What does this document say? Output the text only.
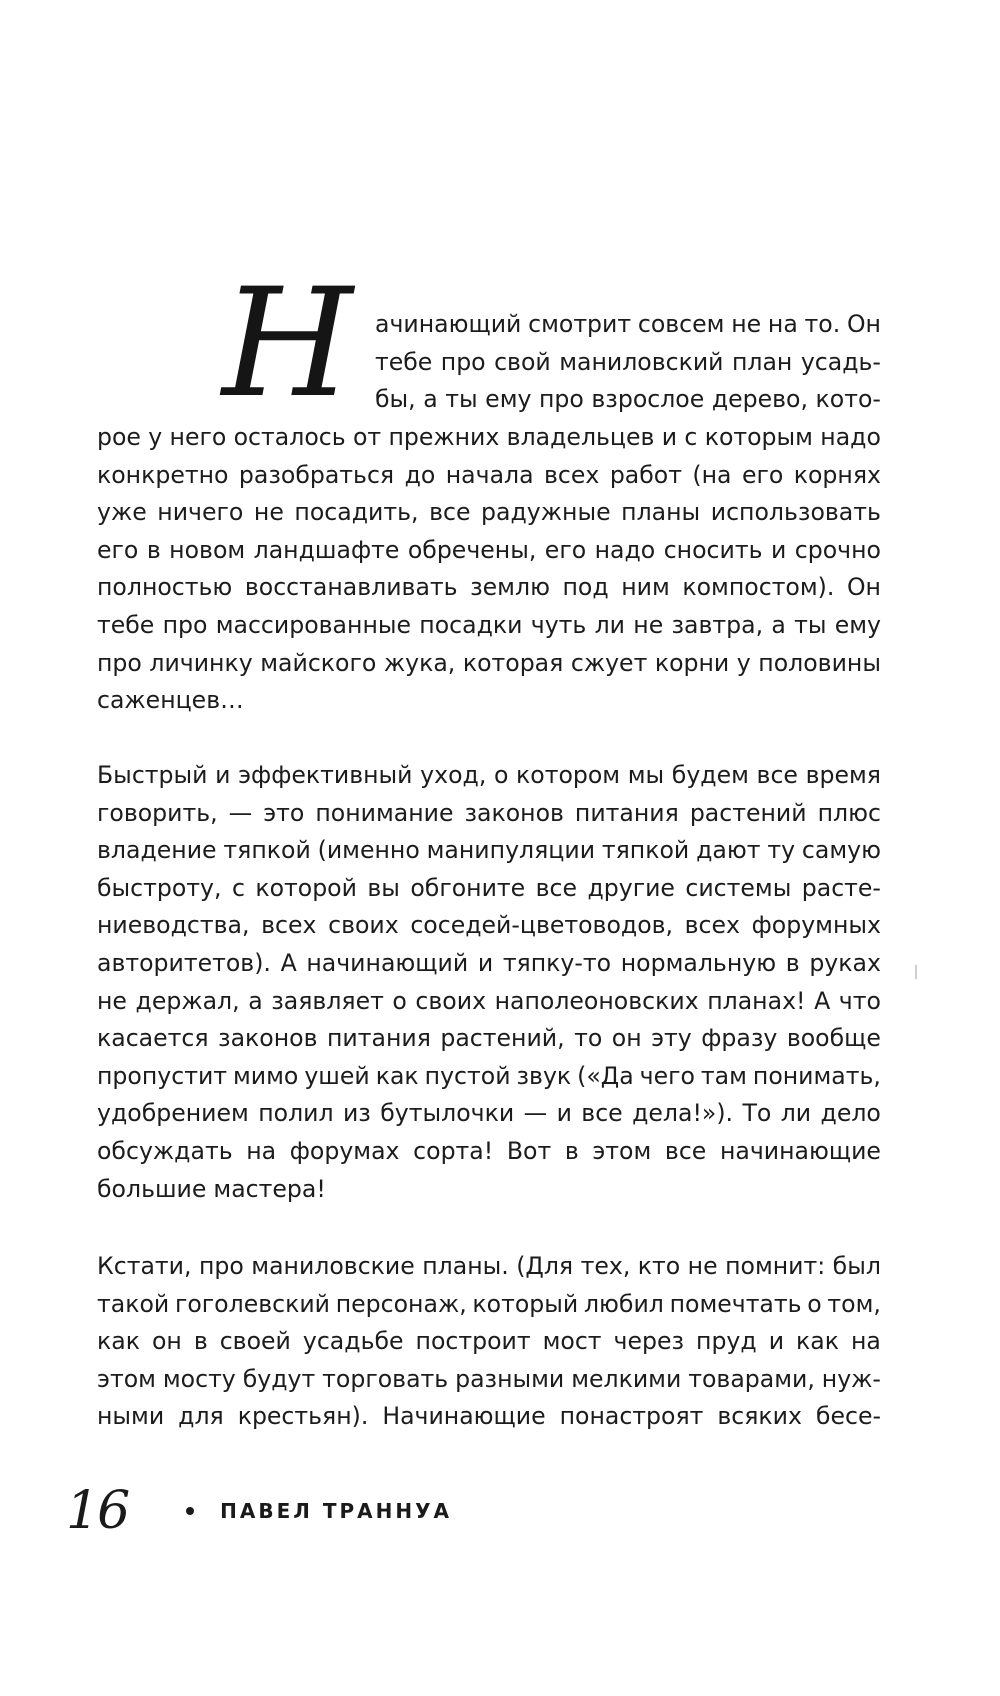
Н ачинающий смотрит совсем не на то. Он
тебе про свой маниловский план усадь-
бы, а ты ему про взрослое дерево, кото-
рое у него осталось от прежних владельцев и с которым надо
конкретно разобраться до начала всех работ (на его корнях
уже ничего не посадить, все радужные планы использовать
его в новом ландшафте обречены, его надо сносить и срочно
полностью восстанавливать землю под ним компостом). Он
тебе про массированные посадки чуть ли не завтра, а ты ему
про личинку майского жука, которая сжует корни у половины
саженцев…
Быстрый и эффективный уход, о котором мы будем все время
говорить, — это понимание законов питания растений плюс
владение тяпкой (именно манипуляции тяпкой дают ту самую
быстроту, с которой вы обгоните все другие системы расте-
ниеводства, всех своих соседей-цветоводов, всех форумных
авторитетов). А начинающий и тяпку-то нормальную в руках
не держал, а заявляет о своих наполеоновских планах! А что
касается законов питания растений, то он эту фразу вообще
пропустит мимо ушей как пустой звук («Да чего там понимать,
удобрением полил из бутылочки — и все дела!»). То ли дело
обсуждать на форумах сорта! Вот в этом все начинающие
большие мастера!
Кстати, про маниловские планы. (Для тех, кто не помнит: был
такой гоголевский персонаж, который любил помечтать о том,
как он в своей усадьбе построит мост через пруд и как на
этом мосту будут торговать разными мелкими товарами, нуж-
ными для крестьян). Начинающие понастроят всяких бесе-
16	ПАВЕЛ ТРАННУА
